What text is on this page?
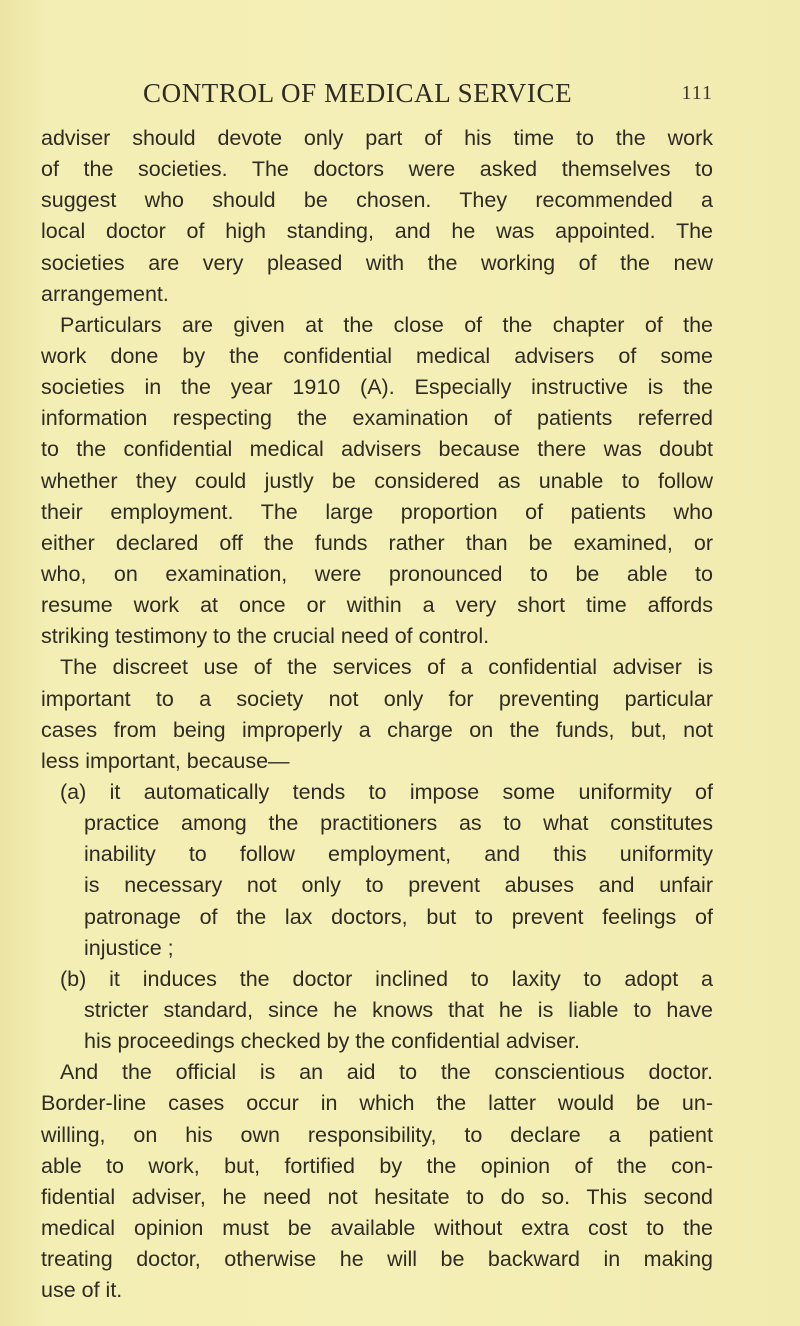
CONTROL OF MEDICAL SERVICE	111
adviser should devote only part of his time to the work
of the societies. The doctors were asked themselves to
suggest who should be chosen. They recommended a
local doctor of high standing, and he was appointed. The
societies are very pleased with the working of the new
arrangement.
Particulars are given at the close of the chapter of the
work done by the confidential medical advisers of some
societies in the year 1910 (A). Especially instructive is the
information respecting the examination of patients referred
to the confidential medical advisers because there was doubt
whether they could justly be considered as unable to follow
their employment. The large proportion of patients who
either declared off the funds rather than be examined, or
who, on examination, were pronounced to be able to
resume work at once or within a very short time affords
striking testimony to the crucial need of control.
The discreet use of the services of a confidential adviser is
important to a society not only for preventing particular
cases from being improperly a charge on the funds, but, not
less important, because—
(a) it automatically tends to impose some uniformity of
practice among the practitioners as to what constitutes
inability to follow employment, and this uniformity
is necessary not only to prevent abuses and unfair
patronage of the lax doctors, but to prevent feelings of
injustice ;
(b) it induces the doctor inclined to laxity to adopt a
stricter standard, since he knows that he is liable to have
his proceedings checked by the confidential adviser.
And the official is an aid to the conscientious doctor.
Border-line cases occur in which the latter would be un-
willing, on his own responsibility, to declare a patient
able to work, but, fortified by the opinion of the con-
fidential adviser, he need not hesitate to do so. This second
medical opinion must be available without extra cost to the
treating doctor, otherwise he will be backward in making
use of it.
